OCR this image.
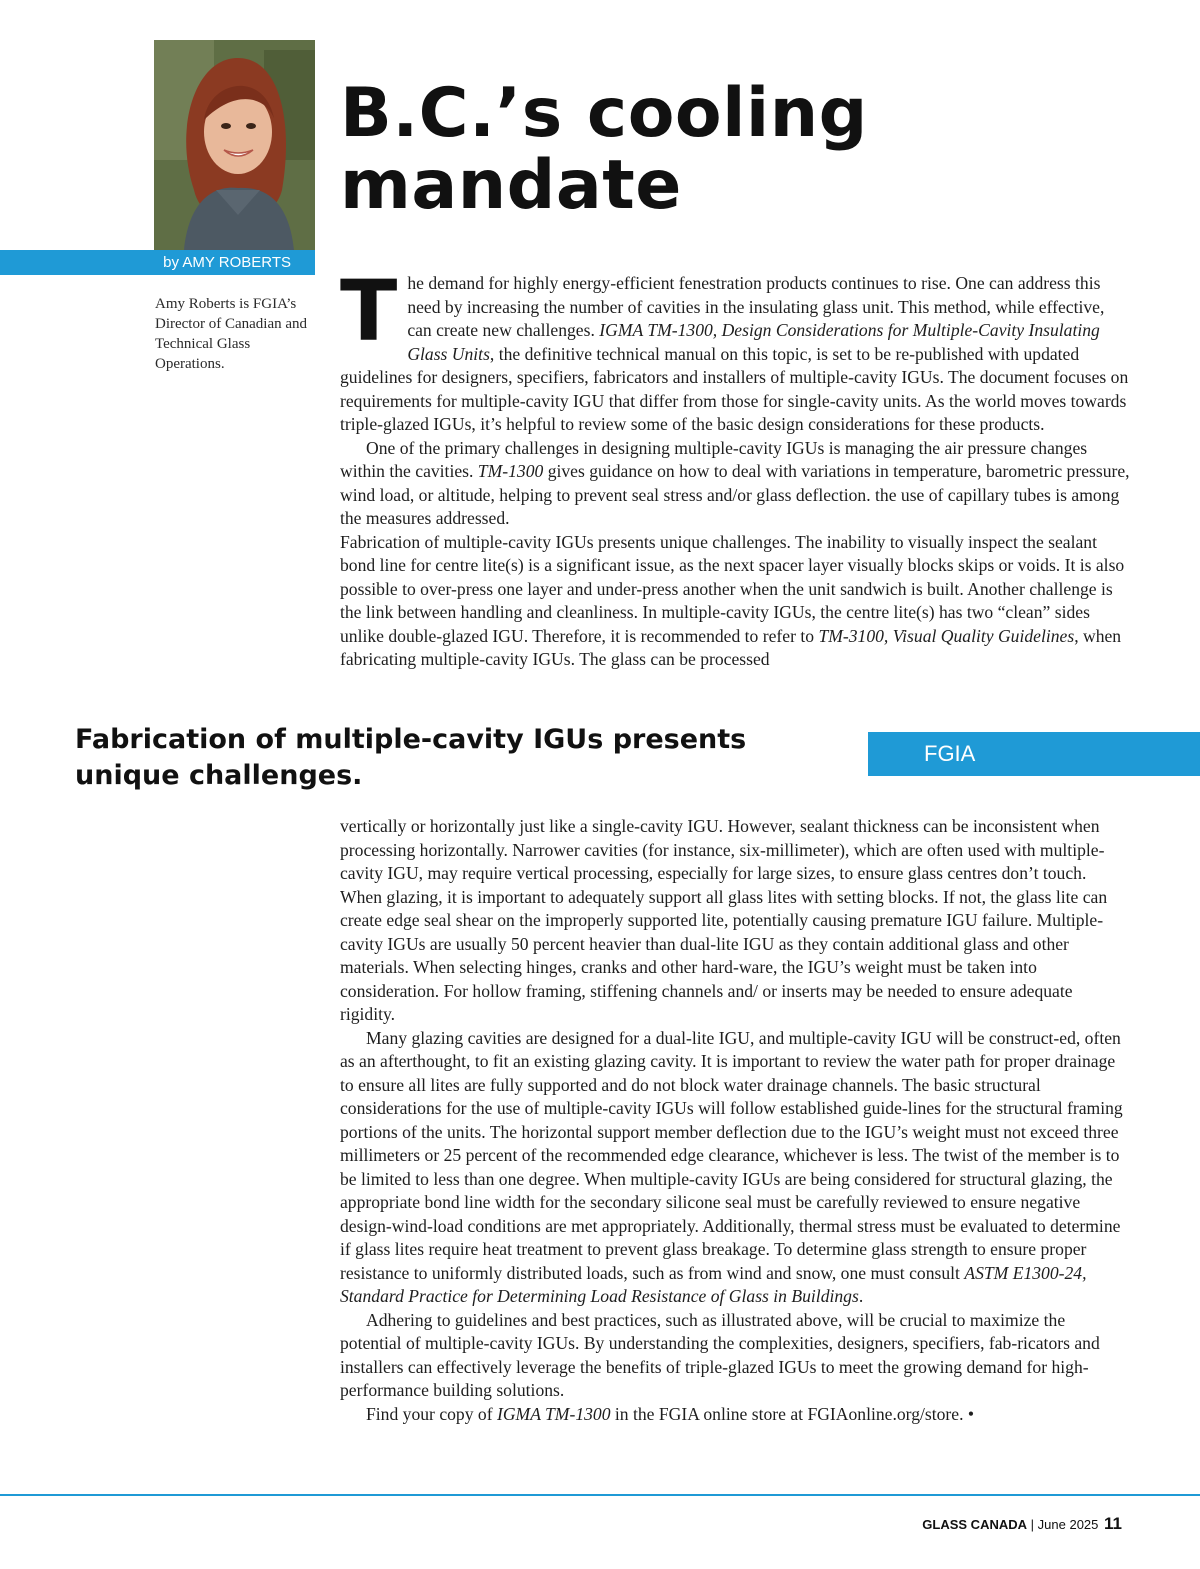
by AMY ROBERTS
Amy Roberts is FGIA’s Director of Canadian and Technical Glass Operations.
B.C.’s cooling
mandate

The demand for highly energy-efficient fenestration products continues to rise. One can address this need by increasing the number of cavities in the insulating glass unit. This method, while effective, can create new challenges. IGMA TM-1300, Design Considerations for Multiple-Cavity Insulating Glass Units, the definitive technical manual on this topic, is set to be re-published with updated guidelines for designers, specifiers, fabricators and installers of multiple-cavity IGUs. The document focuses on requirements for multiple-cavity IGU that differ from those for single-cavity units. As the world moves towards triple-glazed IGUs, it’s helpful to review some of the basic design considerations for these products.

One of the primary challenges in designing multiple-cavity IGUs is managing the air pressure changes within the cavities. TM-1300 gives guidance on how to deal with variations in temperature, barometric pressure, wind load, or altitude, helping to prevent seal stress and/or glass deflection. the use of capillary tubes is among the measures addressed.

Fabrication of multiple-cavity IGUs presents unique challenges. The inability to visually inspect the sealant bond line for centre lite(s) is a significant issue, as the next spacer layer visually blocks skips or voids. It is also possible to over-press one layer and under-press another when the unit sandwich is built. Another challenge is the link between handling and cleanliness. In multiple-cavity IGUs, the centre lite(s) has two “clean” sides unlike double-glazed IGU. Therefore, it is recommended to refer to TM-3100, Visual Quality Guidelines, when fabricating multiple-cavity IGUs. The glass can be processed

Fabrication of multiple-cavity IGUs presents unique challenges.
FGIA

vertically or horizontally just like a single-cavity IGU. However, sealant thickness can be inconsistent when processing horizontally. Narrower cavities (for instance, six-millimeter), which are often used with multiple-cavity IGU, may require vertical processing, especially for large sizes, to ensure glass centres don’t touch. When glazing, it is important to adequately support all glass lites with setting blocks. If not, the glass lite can create edge seal shear on the improperly supported lite, potentially causing premature IGU failure. Multiple-cavity IGUs are usually 50 percent heavier than dual-lite IGU as they contain additional glass and other materials. When selecting hinges, cranks and other hard-ware, the IGU’s weight must be taken into consideration. For hollow framing, stiffening channels and/ or inserts may be needed to ensure adequate rigidity.

Many glazing cavities are designed for a dual-lite IGU, and multiple-cavity IGU will be construct-ed, often as an afterthought, to fit an existing glazing cavity. It is important to review the water path for proper drainage to ensure all lites are fully supported and do not block water drainage channels. The basic structural considerations for the use of multiple-cavity IGUs will follow established guide-lines for the structural framing portions of the units. The horizontal support member deflection due to the IGU’s weight must not exceed three millimeters or 25 percent of the recommended edge clearance, whichever is less. The twist of the member is to be limited to less than one degree. When multiple-cavity IGUs are being considered for structural glazing, the appropriate bond line width for the secondary silicone seal must be carefully reviewed to ensure negative design-wind-load conditions are met appropriately. Additionally, thermal stress must be evaluated to determine if glass lites require heat treatment to prevent glass breakage. To determine glass strength to ensure proper resistance to uniformly distributed loads, such as from wind and snow, one must consult ASTM E1300-24, Standard Practice for Determining Load Resistance of Glass in Buildings.

Adhering to guidelines and best practices, such as illustrated above, will be crucial to maximize the potential of multiple-cavity IGUs. By understanding the complexities, designers, specifiers, fab-ricators and installers can effectively leverage the benefits of triple-glazed IGUs to meet the growing demand for high-performance building solutions.

Find your copy of IGMA TM-1300 in the FGIA online store at FGIAonline.org/store. •

GLASS CANADA | June 2025 11
